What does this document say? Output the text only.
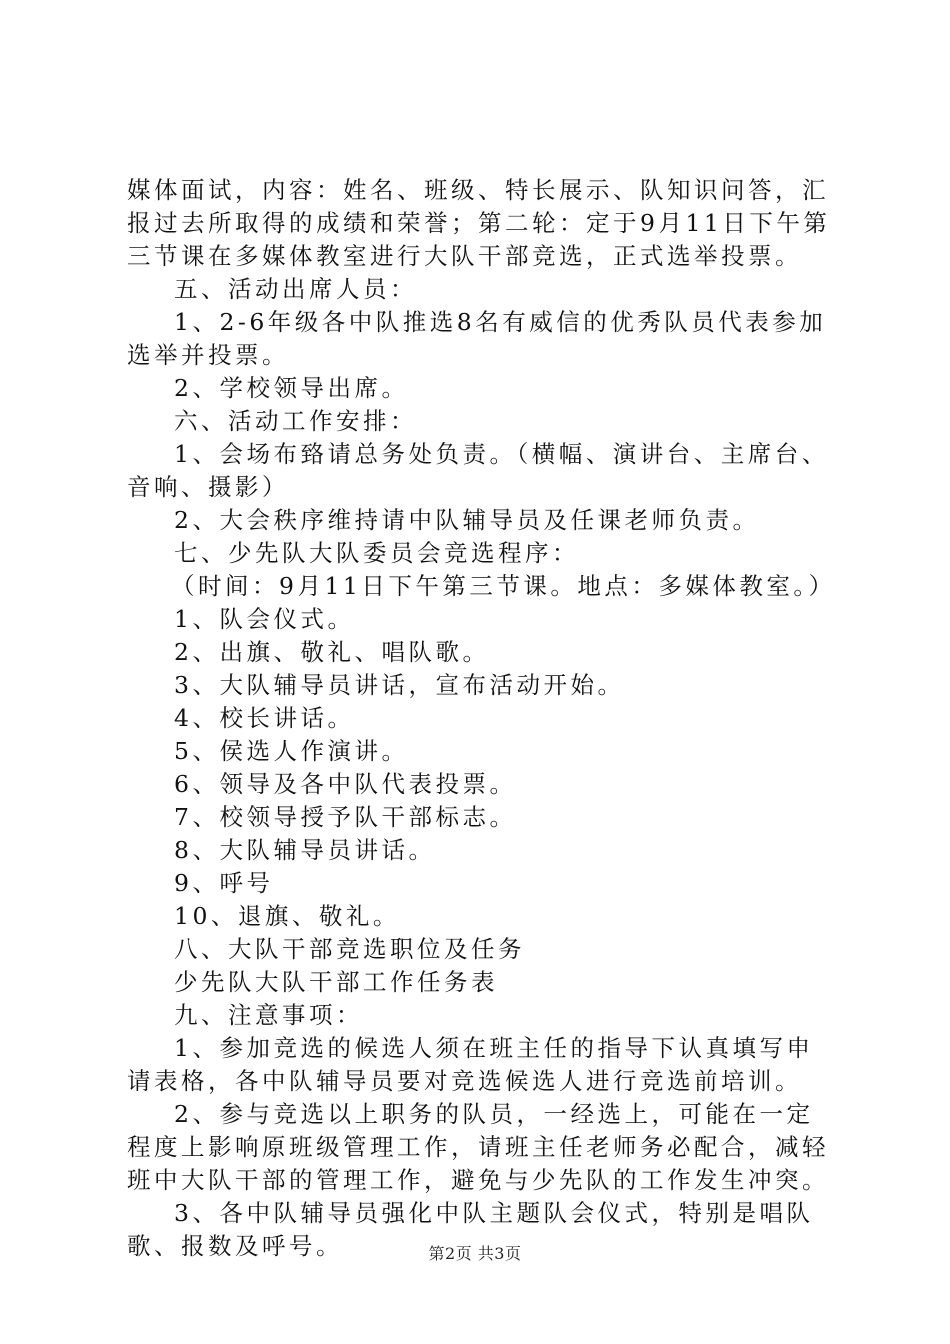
媒体面试，内容：姓名、班级、特长展示、队知识问答，汇报过去所取得的成绩和荣誉；第二轮：定于9月11日下午第三节课在多媒体教室进行大队干部竞选，正式选举投票。

五、活动出席人员：

1、2-6年级各中队推选8名有威信的优秀队员代表参加选举并投票。

2、学校领导出席。

六、活动工作安排：

1、会场布臵请总务处负责。（横幅、演讲台、主席台、音响、摄影）

2、大会秩序维持请中队辅导员及任课老师负责。

七、少先队大队委员会竞选程序：

（时间：9月11日下午第三节课。地点：多媒体教室。）

1、队会仪式。

2、出旗、敬礼、唱队歌。

3、大队辅导员讲话，宣布活动开始。

4、校长讲话。

5、侯选人作演讲。

6、领导及各中队代表投票。

7、校领导授予队干部标志。

8、大队辅导员讲话。

9、呼号

10、退旗、敬礼。

八、大队干部竞选职位及任务

少先队大队干部工作任务表

九、注意事项：

1、参加竞选的候选人须在班主任的指导下认真填写申请表格，各中队辅导员要对竞选候选人进行竞选前培训。

2、参与竞选以上职务的队员，一经选上，可能在一定程度上影响原班级管理工作，请班主任老师务必配合，减轻班中大队干部的管理工作，避免与少先队的工作发生冲突。

3、各中队辅导员强化中队主题队会仪式，特别是唱队歌、报数及呼号。	第2页 共3页
